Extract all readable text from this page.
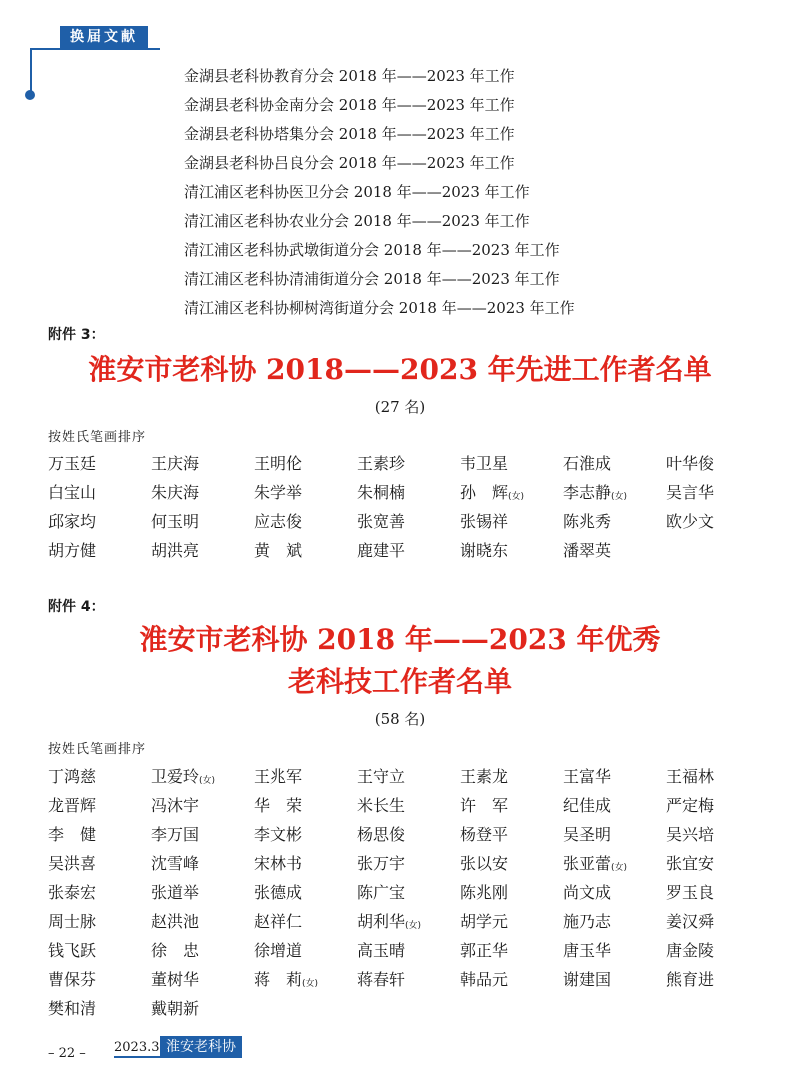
换届文献
金湖县老科协教育分会 2018 年——2023 年工作
金湖县老科协金南分会 2018 年——2023 年工作
金湖县老科协塔集分会 2018 年——2023 年工作
金湖县老科协吕良分会 2018 年——2023 年工作
清江浦区老科协医卫分会 2018 年——2023 年工作
清江浦区老科协农业分会 2018 年——2023 年工作
清江浦区老科协武墩街道分会 2018 年——2023 年工作
清江浦区老科协清浦街道分会 2018 年——2023 年工作
清江浦区老科协柳树湾街道分会 2018 年——2023 年工作
附件 3：
淮安市老科协 2018——2023 年先进工作者名单
(27 名)
按姓氏笔画排序
万玉廷	王庆海	王明伦	王素珍	韦卫星	石淮成	叶华俊
白宝山	朱庆海	朱学举	朱桐楠	孙　辉$_{(女)}$	李志静$_{(女)}$	吴言华
邱家均	何玉明	应志俊	张宽善	张锡祥	陈兆秀	欧少文
胡方健	胡洪亮	黄　斌	鹿建平	谢晓东	潘翠英
附件 4：
淮安市老科协 2018 年——2023 年优秀
老科技工作者名单
(58 名)
按姓氏笔画排序
丁鸿慈	卫爱玲$_{(女)}$	王兆军	王守立	王素龙	王富华	王福林
龙晋辉	冯沐宇	华　荣	米长生	许　军	纪佳成	严定梅
李　健	李万国	李文彬	杨思俊	杨登平	吴圣明	吴兴培
吴洪喜	沈雪峰	宋林书	张万宇	张以安	张亚蕾$_{(女)}$	张宜安
张泰宏	张道举	张德成	陈广宝	陈兆刚	尚文成	罗玉良
周士脉	赵洪池	赵祥仁	胡利华$_{(女)}$	胡学元	施乃志	姜汉舜
钱飞跃	徐　忠	徐增道	高玉晴	郭正华	唐玉华	唐金陵
曹保芬	董树华	蒋　莉$_{(女)}$	蒋春轩	韩品元	谢建国	熊育进
樊和清	戴朝新
– 22 – 2023.3 淮安老科协
